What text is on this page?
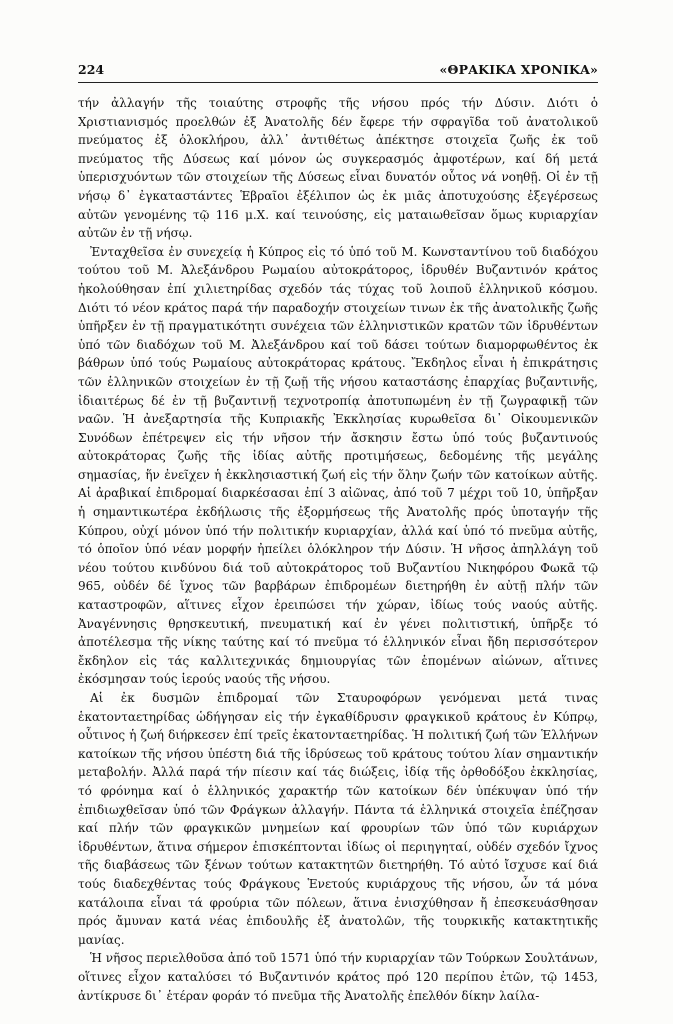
224	«ΘΡΑΚΙΚΑ ΧΡΟΝΙΚΑ»

τήν ἀλλαγήν τῆς τοιαύτης στροφῆς τῆς νήσου πρός τήν Δύσιν. Διότι ὁ Χριστιανισμός προελθών ἐξ Ἀνατολῆς δέν ἔφερε τήν σφραγῖδα τοῦ ἀνατολικοῦ πνεύματος ἐξ ὁλοκλήρου, ἀλλ᾽ ἀντιθέτως ἀπέκτησε στοιχεῖα ζωῆς ἐκ τοῦ πνεύματος τῆς Δύσεως καί μόνον ὡς συγκερασμός ἀμφοτέρων, καί δή μετά ὑπερισχυόντων τῶν στοιχείων τῆς Δύσεως εἶναι δυνατόν οὗτος νά νοηθῇ. Οἱ ἐν τῇ νήσῳ δ᾽ ἐγκαταστάντες Ἑβραῖοι ἐξέλιπον ὡς ἐκ μιᾶς ἀποτυχούσης ἐξεγέρσεως αὐτῶν γενομένης τῷ 116 μ.Χ. καί τεινούσης, εἰς ματαιωθεῖσαν ὅμως κυριαρχίαν αὐτῶν ἐν τῇ νήσῳ.

Ἐνταχθεῖσα ἐν συνεχείᾳ ἡ Κύπρος εἰς τό ὑπό τοῦ Μ. Κωνσταντίνου τοῦ διαδόχου τούτου τοῦ Μ. Ἀλεξάνδρου Ρωμαίου αὐτοκράτορος, ἱδρυθέν Βυζαντινόν κράτος ἠκολούθησαν ἐπί χιλιετηρίδας σχεδόν τάς τύχας τοῦ λοιποῦ ἑλληνικοῦ κόσμου. Διότι τό νέον κράτος παρά τήν παραδοχήν στοιχείων τινων ἐκ τῆς ἀνατολικῆς ζωῆς ὑπῆρξεν ἐν τῇ πραγματικότητι συνέχεια τῶν ἑλληνιστικῶν κρατῶν τῶν ἱδρυθέντων ὑπό τῶν διαδόχων τοῦ Μ. Ἀλεξάνδρου καί τοῦ δάσει τούτων διαμορφωθέντος ἐκ βάθρων ὑπό τούς Ρωμαίους αὐτοκράτορας κράτους. Ἔκδηλος εἶναι ἡ ἐπικράτησις τῶν ἑλληνικῶν στοιχείων ἐν τῇ ζωῇ τῆς νήσου καταστάσης ἐπαρχίας βυζαντινῆς, ἰδιαιτέρως δέ ἐν τῇ βυζαντινῇ τεχνοτροπίᾳ ἀποτυπωμένη ἐν τῇ ζωγραφικῇ τῶν ναῶν. Ἡ ἀνεξαρτησία τῆς Κυπριακῆς Ἐκκλησίας κυρωθεῖσα δι᾽ Οἰκουμενικῶν Συνόδων ἐπέτρεψεν εἰς τήν νῆσον τήν ἄσκησιν ἔστω ὑπό τούς βυζαντινούς αὐτοκράτορας ζωῆς τῆς ἰδίας αὐτῆς προτιμήσεως, δεδομένης τῆς μεγάλης σημασίας, ἥν ἐνεῖχεν ἡ ἐκκλησιαστική ζωή εἰς τήν ὅλην ζωήν τῶν κατοίκων αὐτῆς. Αἱ ἀραβικαί ἐπιδρομαί διαρκέσασαι ἐπί 3 αἰῶνας, ἀπό τοῦ 7 μέχρι τοῦ 10, ὑπῆρξαν ἡ σημαντικωτέρα ἐκδήλωσις τῆς ἐξορμήσεως τῆς Ἀνατολῆς πρός ὑποταγήν τῆς Κύπρου, οὐχί μόνον ὑπό τήν πολιτικήν κυριαρχίαν, ἀλλά καί ὑπό τό πνεῦμα αὐτῆς, τό ὁποῖον ὑπό νέαν μορφήν ἠπείλει ὁλόκληρον τήν Δύσιν. Ἡ νῆσος ἀπηλλάγη τοῦ νέου τούτου κινδύνου διά τοῦ αὐτοκράτορος τοῦ Βυζαντίου Νικηφόρου Φωκᾶ τῷ 965, οὐδέν δέ ἴχνος τῶν βαρβάρων ἐπιδρομέων διετηρήθη ἐν αὐτῇ πλήν τῶν καταστροφῶν, αἵτινες εἶχον ἐρειπώσει τήν χώραν, ἰδίως τούς ναούς αὐτῆς. Ἀναγέννησις θρησκευτική, πνευματική καί ἐν γένει πολιτιστική, ὑπῆρξε τό ἀποτέλεσμα τῆς νίκης ταύτης καί τό πνεῦμα τό ἑλληνικόν εἶναι ἤδη περισσότερον ἔκδηλον εἰς τάς καλλιτεχνικάς δημιουργίας τῶν ἑπομένων αἰώνων, αἵτινες ἐκόσμησαν τούς ἱερούς ναούς τῆς νήσου.

Αἱ ἐκ δυσμῶν ἐπιδρομαί τῶν Σταυροφόρων γενόμεναι μετά τινας ἑκατονταετηρίδας ὡδήγησαν εἰς τήν ἐγκαθίδρυσιν φραγκικοῦ κράτους ἐν Κύπρῳ, οὗτινος ἡ ζωή διήρκεσεν ἐπί τρεῖς ἑκατονταετηρίδας. Ἡ πολιτική ζωή τῶν Ἑλλήνων κατοίκων τῆς νήσου ὑπέστη διά τῆς ἱδρύσεως τοῦ κράτους τούτου λίαν σημαντικήν μεταβολήν. Ἀλλά παρά τήν πίεσιν καί τάς διώξεις, ἰδίᾳ τῆς ὀρθοδόξου ἐκκλησίας, τό φρόνημα καί ὁ ἑλληνικός χαρακτήρ τῶν κατοίκων δέν ὑπέκυψαν ὑπό τήν ἐπιδιωχθεῖσαν ὑπό τῶν Φράγκων ἀλλαγήν. Πάντα τά ἑλληνικά στοιχεῖα ἐπέζησαν καί πλήν τῶν φραγκικῶν μνημείων καί φρουρίων τῶν ὑπό τῶν κυριάρχων ἱδρυθέντων, ἅτινα σήμερον ἐπισκέπτονται ἰδίως οἱ περιηγηταί, οὐδέν σχεδόν ἴχνος τῆς διαβάσεως τῶν ξένων τούτων κατακτητῶν διετηρήθη. Τό αὐτό ἴσχυσε καί διά τούς διαδεχθέντας τούς Φράγκους Ἑνετούς κυριάρχους τῆς νήσου, ὧν τά μόνα κατάλοιπα εἶναι τά φρούρια τῶν πόλεων, ἅτινα ἐνισχύθησαν ἤ ἐπεσκευάσθησαν πρός ἄμυναν κατά νέας ἐπιδουλῆς ἐξ ἀνατολῶν, τῆς τουρκικῆς κατακτητικῆς μανίας.

Ἡ νῆσος περιελθοῦσα ἀπό τοῦ 1571 ὑπό τήν κυριαρχίαν τῶν Τούρκων Σουλτάνων, οἵτινες εἶχον καταλύσει τό Βυζαντινόν κράτος πρό 120 περίπου ἐτῶν, τῷ 1453, ἀντίκρυσε δι᾽ ἑτέραν φοράν τό πνεῦμα τῆς Ἀνατολῆς ἐπελθόν δίκην λαίλα-
